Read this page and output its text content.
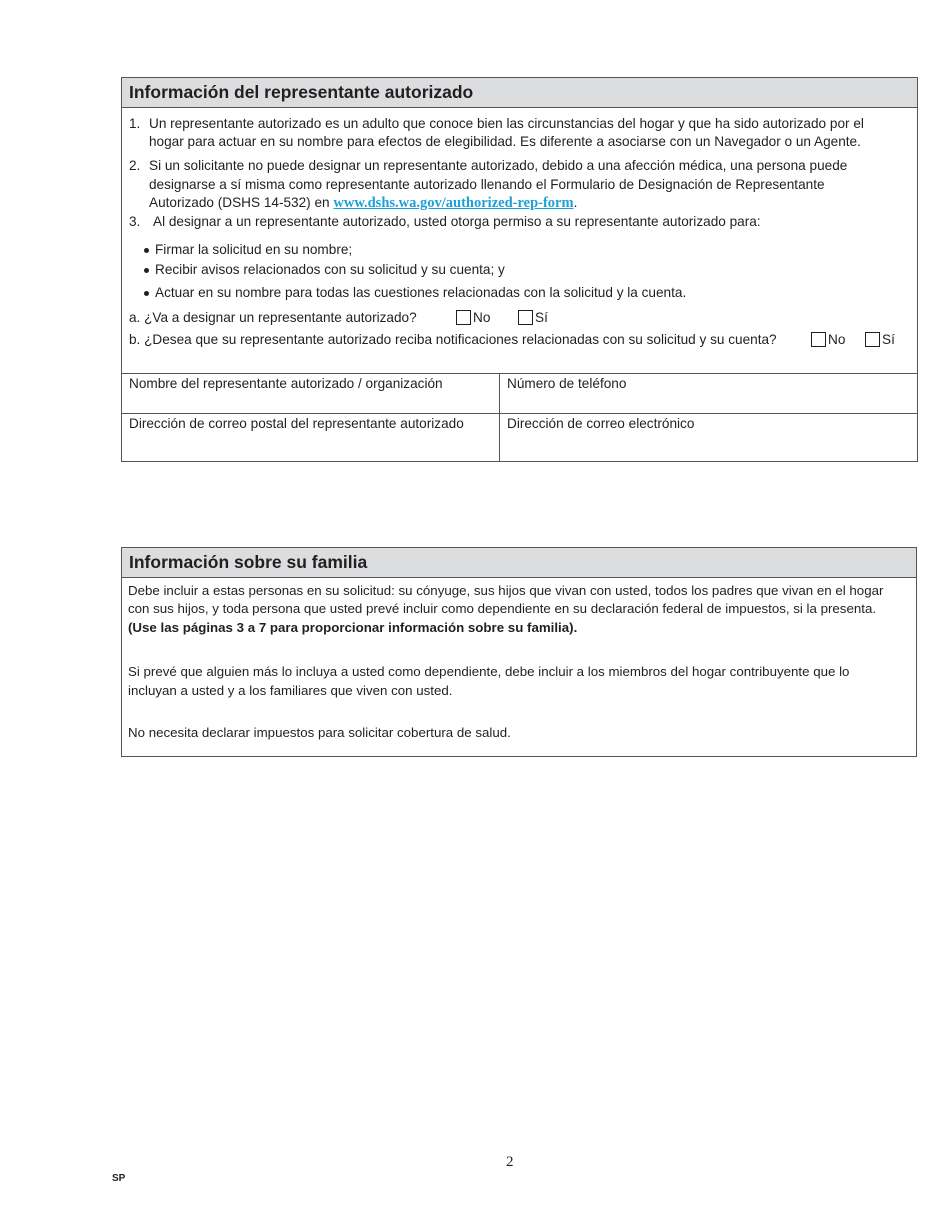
Información del representante autorizado
1. Un representante autorizado es un adulto que conoce bien las circunstancias del hogar y que ha sido autorizado por el
hogar para actuar en su nombre para efectos de elegibilidad. Es diferente a asociarse con un Navegador o un Agente.
2. Si un solicitante no puede designar un representante autorizado, debido a una afección médica, una persona puede
designarse a sí misma como representante autorizado llenando el Formulario de Designación de Representante
Autorizado (DSHS 14-532) en www.dshs.wa.gov/authorized-rep-form.
3. Al designar a un representante autorizado, usted otorga permiso a su representante autorizado para:
Firmar la solicitud en su nombre;
Recibir avisos relacionados con su solicitud y su cuenta; y
Actuar en su nombre para todas las cuestiones relacionadas con la solicitud y la cuenta.
a. ¿Va a designar un representante autorizado?	No	Sí
b. ¿Desea que su representante autorizado reciba notificaciones relacionadas con su solicitud y su cuenta?	No	Sí
Nombre del representante autorizado / organización	Número de teléfono
Dirección de correo postal del representante autorizado	Dirección de correo electrónico
Información sobre su familia
Debe incluir a estas personas en su solicitud: su cónyuge, sus hijos que vivan con usted, todos los padres que vivan en el hogar
con sus hijos, y toda persona que usted prevé incluir como dependiente en su declaración federal de impuestos, si la presenta.
(Use las páginas 3 a 7 para proporcionar información sobre su familia).
Si prevé que alguien más lo incluya a usted como dependiente, debe incluir a los miembros del hogar contribuyente que lo
incluyan a usted y a los familiares que viven con usted.
No necesita declarar impuestos para solicitar cobertura de salud.
2
SP
